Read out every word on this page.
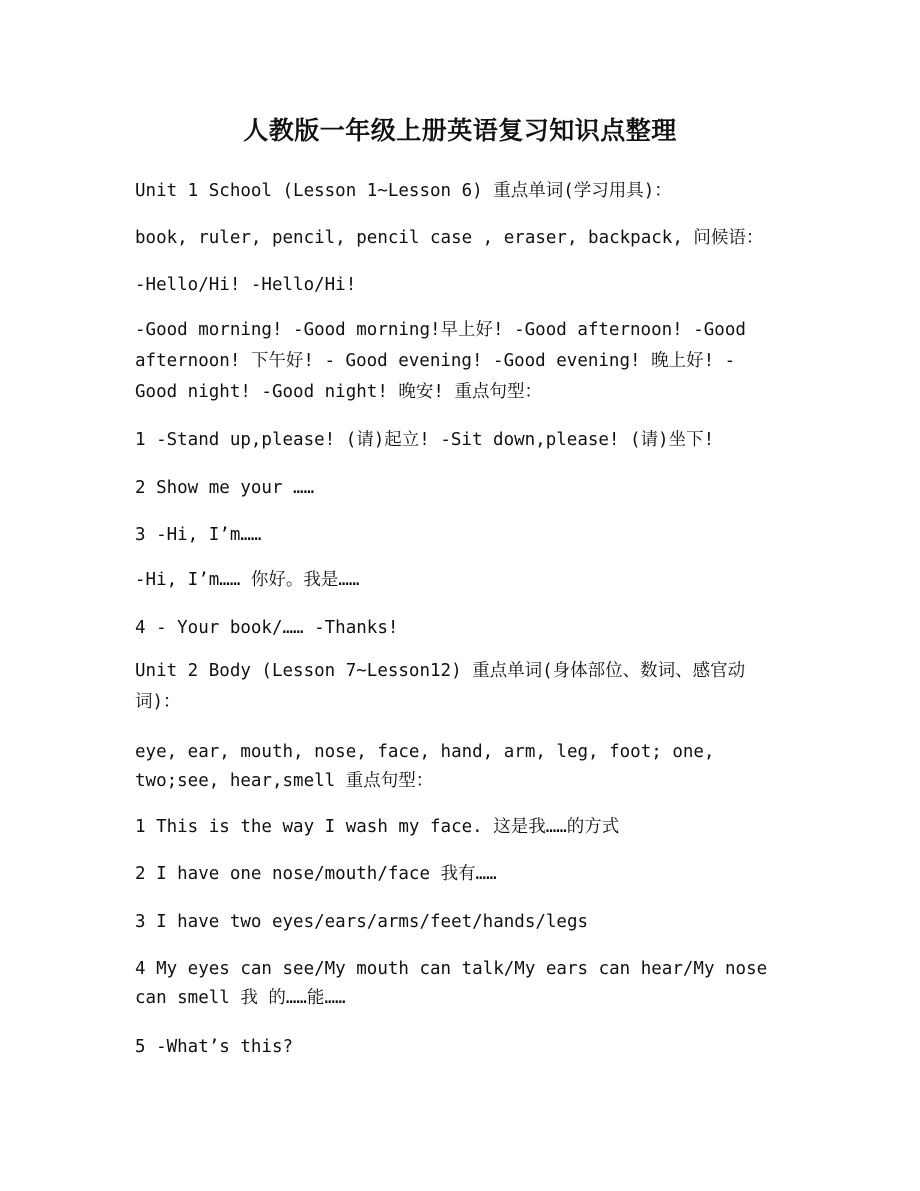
人教版一年级上册英语复习知识点整理
Unit 1 School (Lesson 1~Lesson 6) 重点单词(学习用具)：
book, ruler, pencil, pencil case , eraser, backpack, 问候语：
-Hello/Hi! -Hello/Hi!
-Good morning! -Good morning!早上好! -Good afternoon! -Good afternoon! 下午好! - Good evening! -Good evening! 晚上好! - Good night! -Good night! 晚安! 重点句型：
1 -Stand up,please! (请)起立! -Sit down,please! (请)坐下!
2 Show me your ……
3 -Hi, I’m……
-Hi, I’m…… 你好。我是……
4 - Your book/…… -Thanks!
Unit 2 Body (Lesson 7~Lesson12) 重点单词(身体部位、数词、感官动词)：
eye, ear, mouth, nose, face, hand, arm, leg, foot; one, two;see, hear,smell 重点句型：
1 This is the way I wash my face. 这是我……的方式
2 I have one nose/mouth/face 我有……
3 I have two eyes/ears/arms/feet/hands/legs
4 My eyes can see/My mouth can talk/My ears can hear/My nose can smell 我 的……能……
5 -What’s this?
